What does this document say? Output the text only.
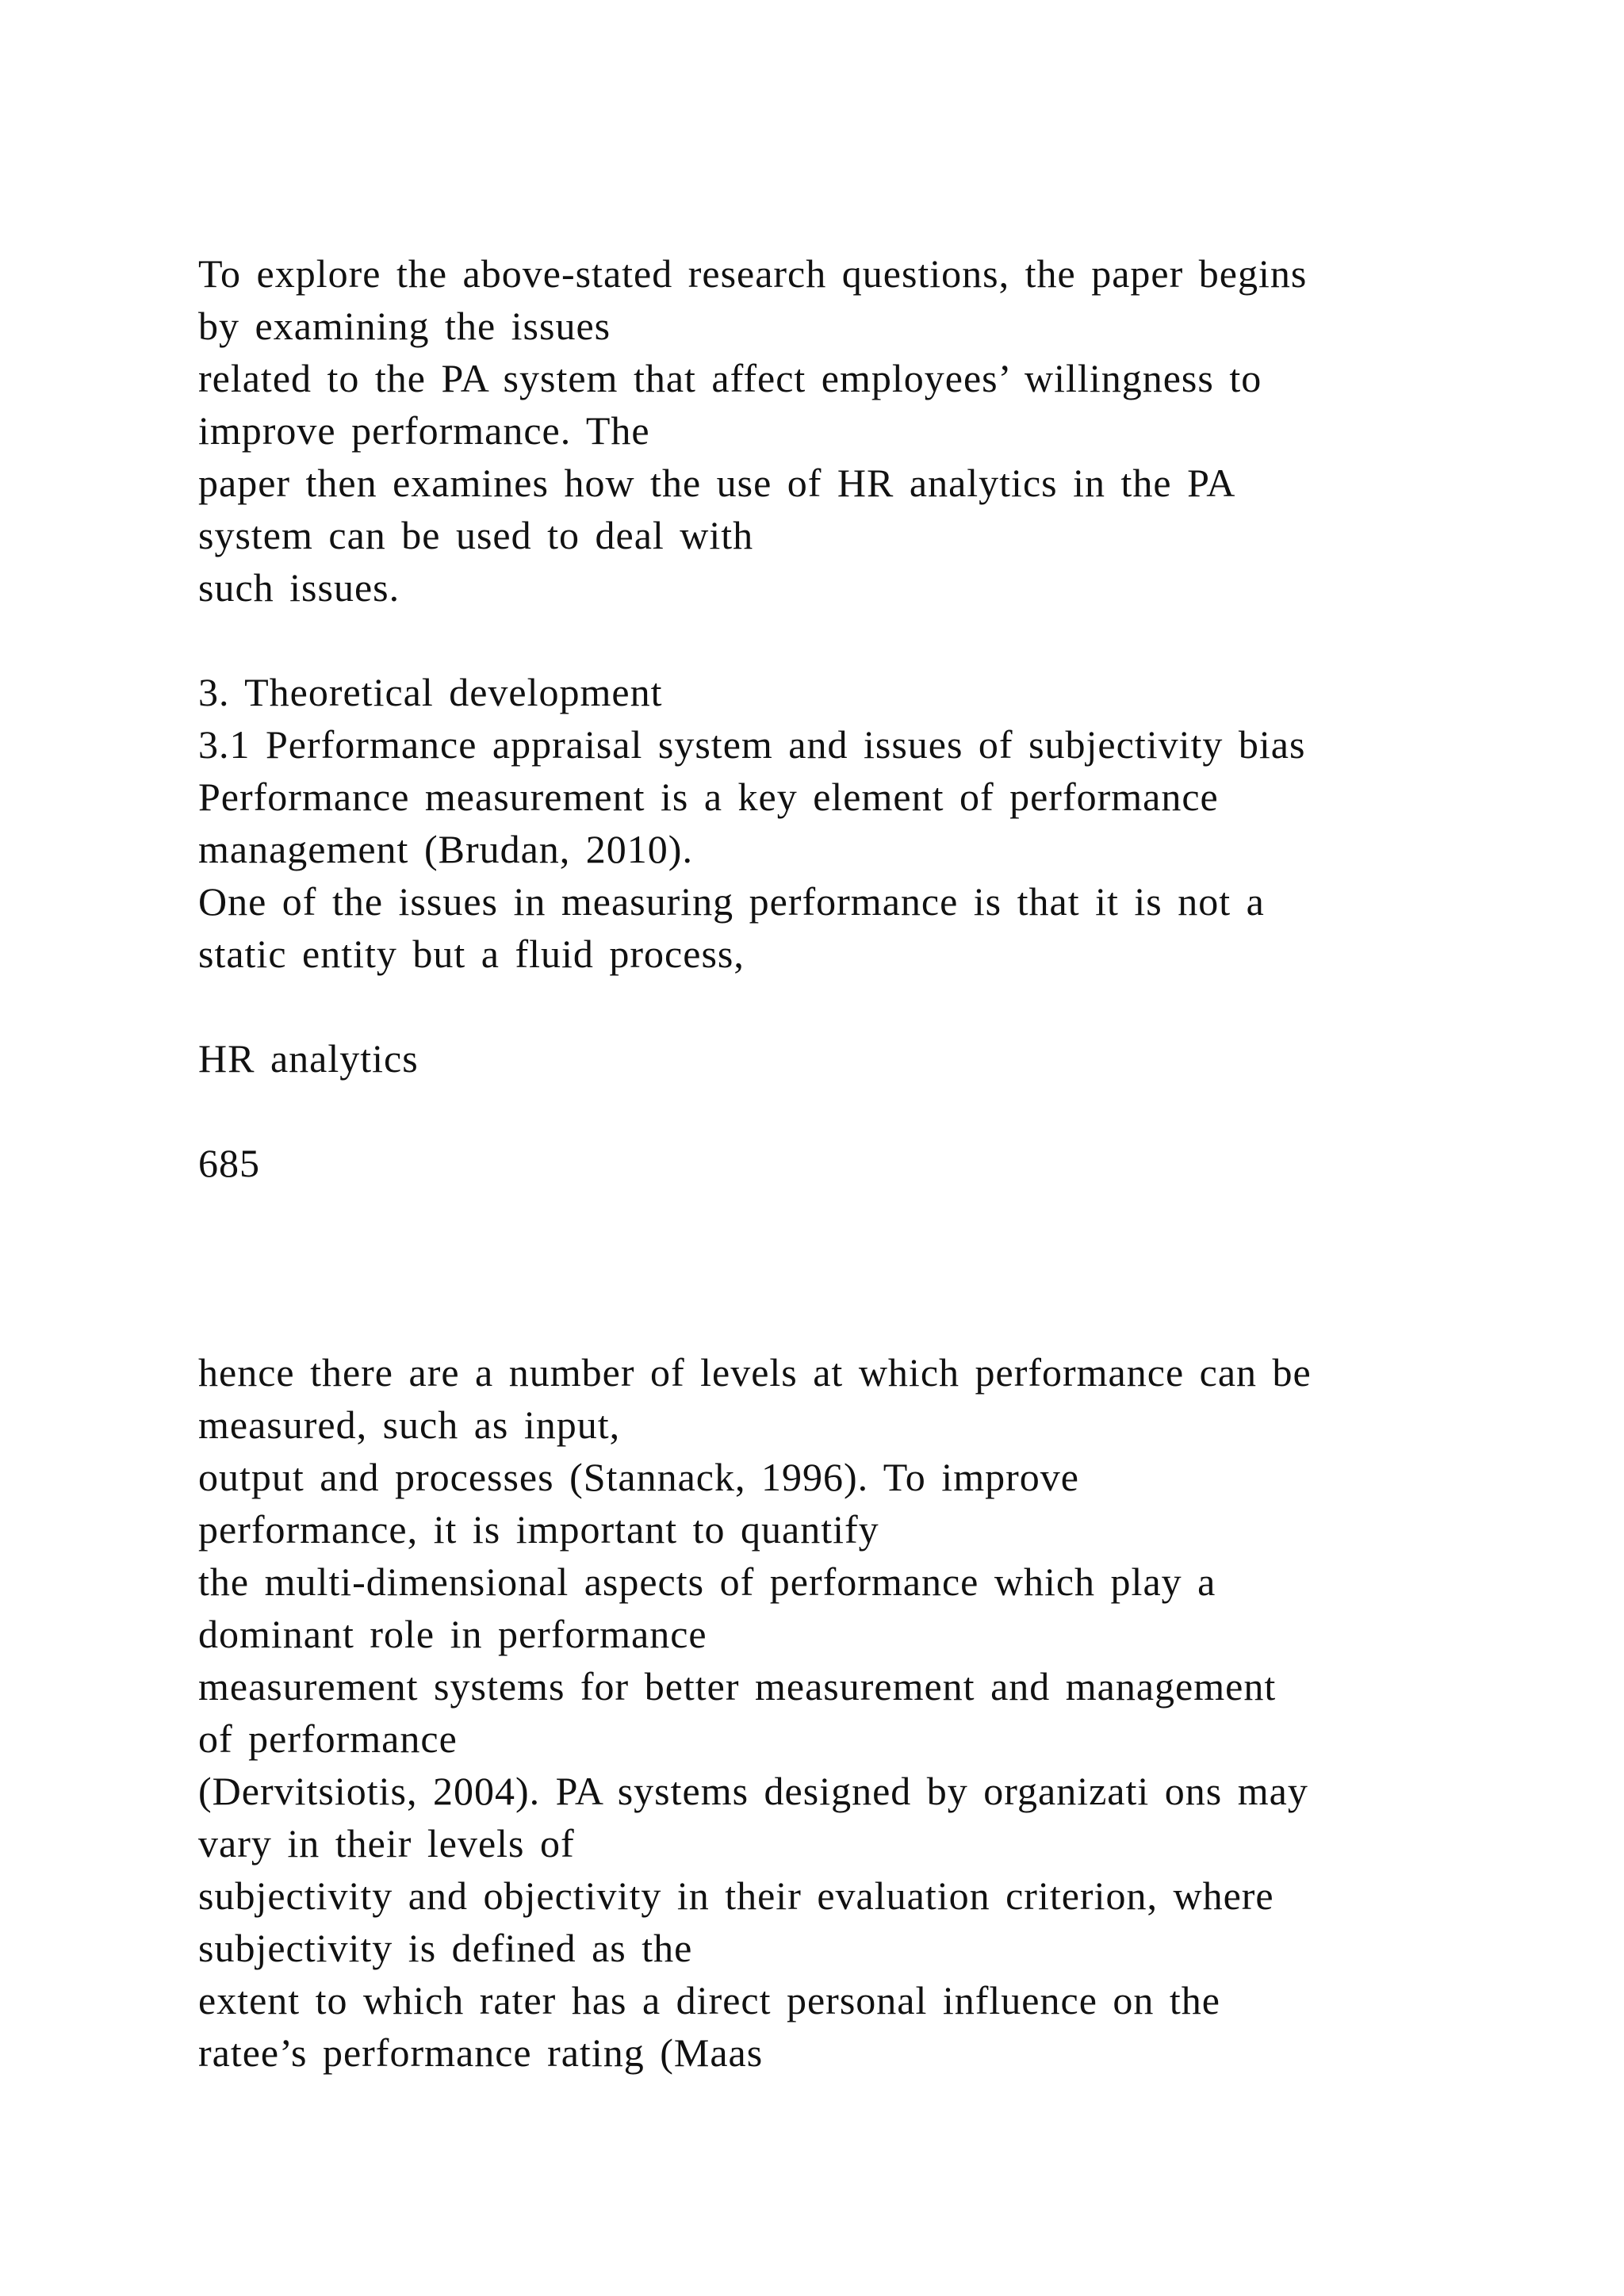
To explore the above-stated research questions, the paper begins
by examining the issues
related to the PA system that affect employees’ willingness to
improve performance. The
paper then examines how the use of HR analytics in the PA
system can be used to deal with
such issues.
3. Theoretical development
3.1 Performance appraisal system and issues of subjectivity bias
Performance measurement is a key element of performance
management (Brudan, 2010).
One of the issues in measuring performance is that it is not a
static entity but a fluid process,
HR analytics
685
hence there are a number of levels at which performance can be
measured, such as input,
output and processes (Stannack, 1996). To improve
performance, it is important to quantify
the multi-dimensional aspects of performance which play a
dominant role in performance
measurement systems for better measurement and management
of performance
(Dervitsiotis, 2004). PA systems designed by organizati ons may
vary in their levels of
subjectivity and objectivity in their evaluation criterion, where
subjectivity is defined as the
extent to which rater has a direct personal influence on the
ratee’s performance rating (Maas
